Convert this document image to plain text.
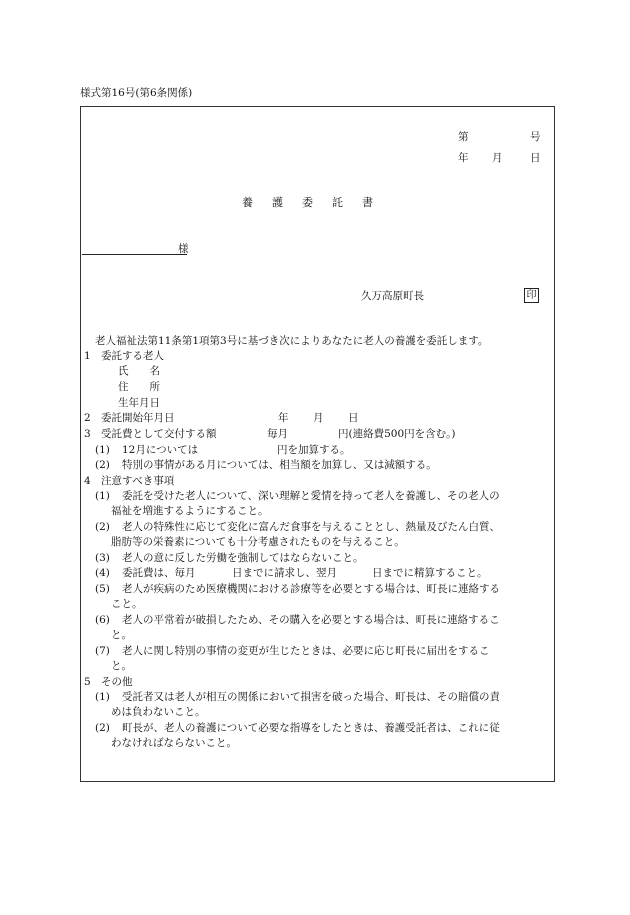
様式第16号(第6条関係)
第	号
年 月	日
養護委託書
様
久万高原町長	印
老人福祉法第11条第1項第3号に基づき次によりあなたに老人の養護を委託します。
1 委託する老人
氏　　名
住　　所
生年月日
2 委託開始年月日	年 月 日
3 受託費として交付する額	毎月	円(連絡費500円を含む。)
(1) 12月については	円を加算する。
(2) 特別の事情がある月については、相当額を加算し、又は減額する。
4 注意すべき事項
(1) 委託を受けた老人について、深い理解と愛情を持って老人を養護し、その老人の
福祉を増進するようにすること。
(2) 老人の特殊性に応じて変化に富んだ食事を与えることとし、熱量及びたん白質、
脂肪等の栄養素についても十分考慮されたものを与えること。
(3) 老人の意に反した労働を強制してはならないこと。
(4) 委託費は、毎月	日までに請求し、翌月	日までに精算すること。
(5) 老人が疾病のため医療機関における診療等を必要とする場合は、町長に連絡する
こと。
(6) 老人の平常着が破損したため、その購入を必要とする場合は、町長に連絡するこ
と。
(7) 老人に関し特別の事情の変更が生じたときは、必要に応じ町長に届出をするこ
と。
5 その他
(1) 受託者又は老人が相互の関係において損害を破った場合、町長は、その賠償の責
めは負わないこと。
(2) 町長が、老人の養護について必要な指導をしたときは、養護受託者は、これに従
わなければならないこと。
